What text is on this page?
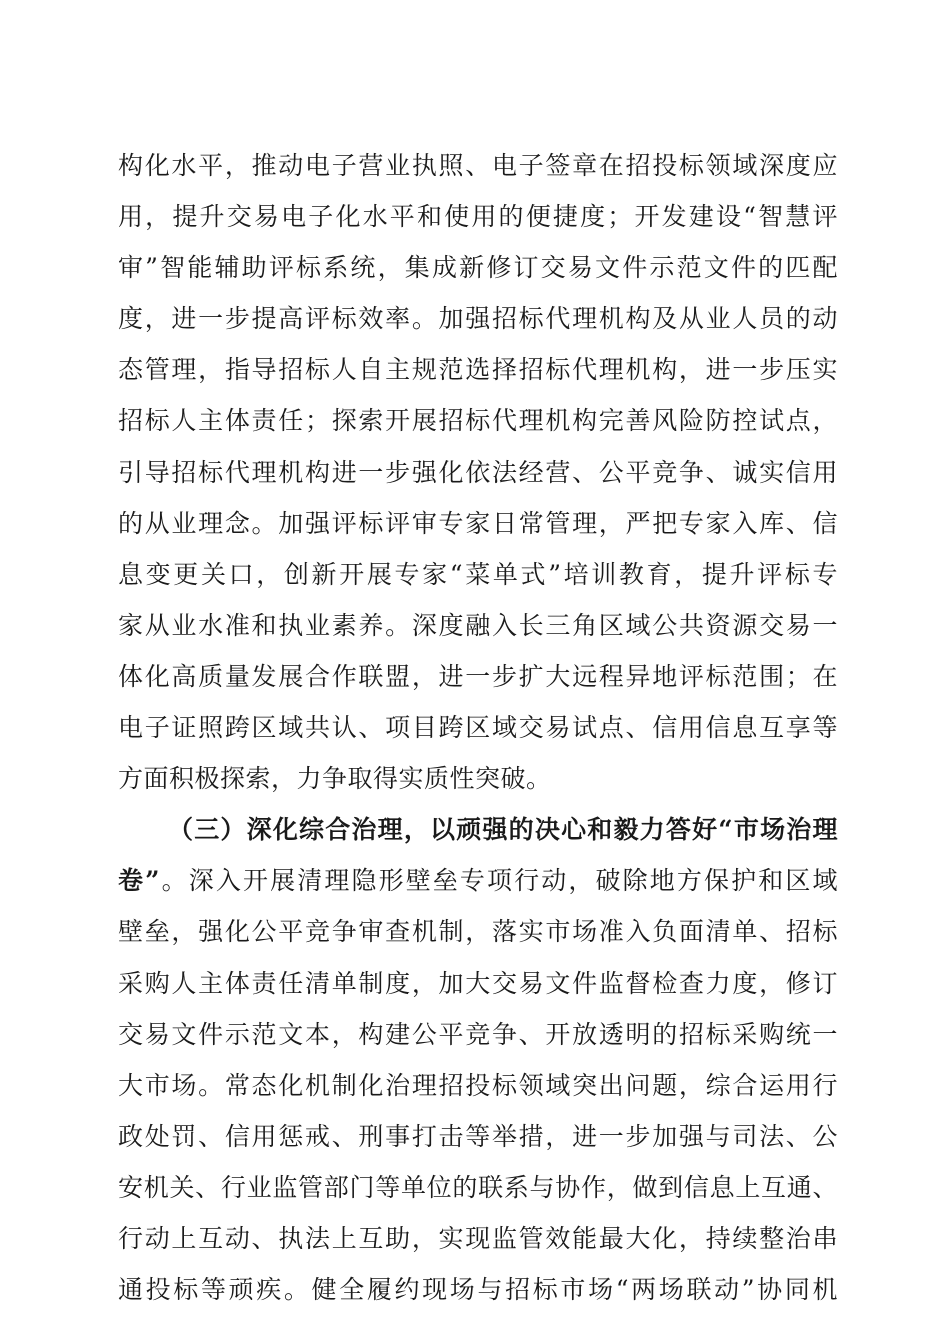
构化水平，推动电子营业执照、电子签章在招投标领域深度应
用，提升交易电子化水平和使用的便捷度；开发建设“智慧评
审”智能辅助评标系统，集成新修订交易文件示范文件的匹配
度，进一步提高评标效率。加强招标代理机构及从业人员的动
态管理，指导招标人自主规范选择招标代理机构，进一步压实
招标人主体责任；探索开展招标代理机构完善风险防控试点，
引导招标代理机构进一步强化依法经营、公平竞争、诚实信用
的从业理念。加强评标评审专家日常管理，严把专家入库、信
息变更关口，创新开展专家“菜单式”培训教育，提升评标专
家从业水准和执业素养。深度融入长三角区域公共资源交易一
体化高质量发展合作联盟，进一步扩大远程异地评标范围；在
电子证照跨区域共认、项目跨区域交易试点、信用信息互享等
方面积极探索，力争取得实质性突破。
（三）深化综合治理，以顽强的决心和毅力答好“市场治理
卷”。深入开展清理隐形壁垒专项行动，破除地方保护和区域
壁垒，强化公平竞争审查机制，落实市场准入负面清单、招标
采购人主体责任清单制度，加大交易文件监督检查力度，修订
交易文件示范文本，构建公平竞争、开放透明的招标采购统一
大市场。常态化机制化治理招投标领域突出问题，综合运用行
政处罚、信用惩戒、刑事打击等举措，进一步加强与司法、公
安机关、行业监管部门等单位的联系与协作，做到信息上互通、
行动上互动、执法上互助，实现监管效能最大化，持续整治串
通投标等顽疾。健全履约现场与招标市场“两场联动”协同机
